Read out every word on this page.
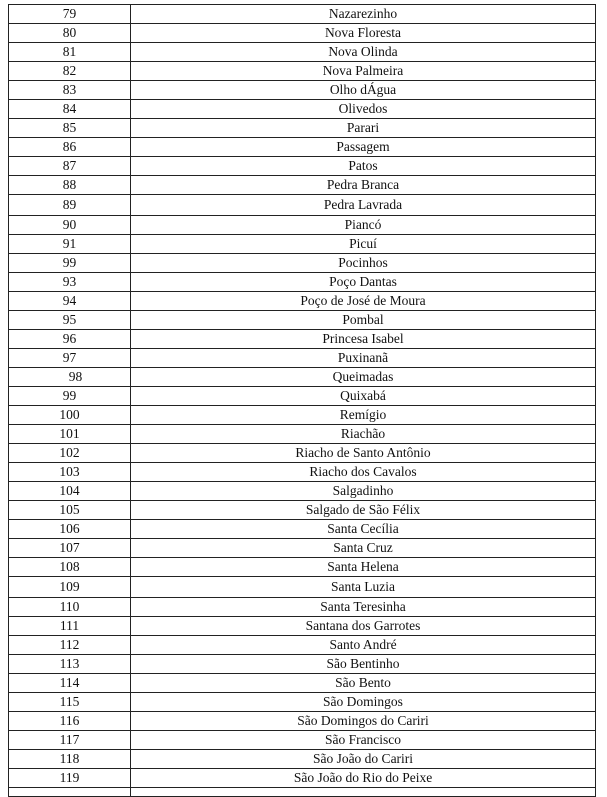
79	Nazarezinho
80	Nova Floresta
81	Nova Olinda
82	Nova Palmeira
83	Olho dÁgua
84	Olivedos
85	Parari
86	Passagem
87	Patos
88	Pedra Branca
89	Pedra Lavrada
90	Piancó
91	Picuí
99	Pocinhos
93	Poço Dantas
94	Poço de José de Moura
95	Pombal
96	Princesa Isabel
97	Puxinanã
98	Queimadas
99	Quixabá
100	Remígio
101	Riachão
102	Riacho de Santo Antônio
103	Riacho dos Cavalos
104	Salgadinho
105	Salgado de São Félix
106	Santa Cecília
107	Santa Cruz
108	Santa Helena
109	Santa Luzia
110	Santa Teresinha
111	Santana dos Garrotes
112	Santo André
113	São Bentinho
114	São Bento
115	São Domingos
116	São Domingos do Cariri
117	São Francisco
118	São João do Cariri
119	São João do Rio do Peixe
